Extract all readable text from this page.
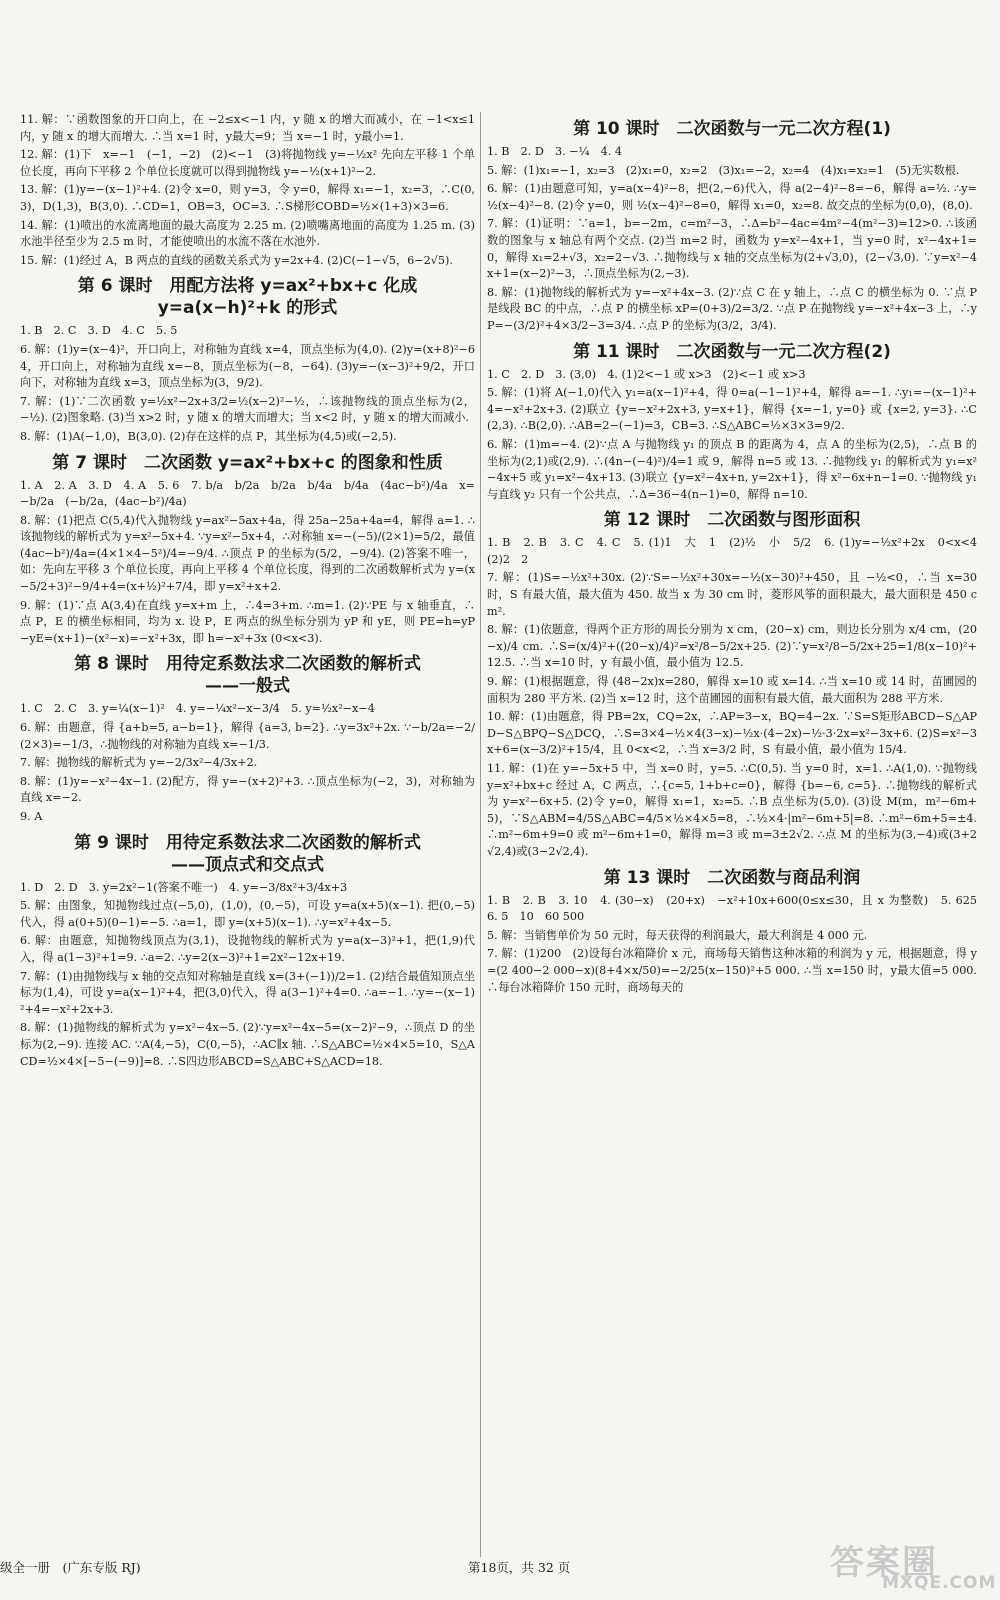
11. 解：∵函数图象的开口向上，在 −2≤x<−1 内，y 随 x 的增大而减小，在 −1<x≤1 内，y 随 x 的增大而增大. ∴当 x=1 时，y最大=9；当 x=−1 时，y最小=1.
12. 解：(1)下　x=−1　(−1，−2)　(2)<−1　(3)将抛物线 y=−½x² 先向左平移 1 个单位长度，再向下平移 2 个单位长度就可以得到抛物线 y=−½(x+1)²−2.
13. 解：(1)y=−(x−1)²+4. (2)令 x=0，则 y=3，令 y=0，解得 x₁=−1，x₂=3，∴C(0,3)，D(1,3)，B(3,0). ∴CD=1，OB=3，OC=3. ∴S梯形COBD=½×(1+3)×3=6.
14. 解：(1)喷出的水流离地面的最大高度为 2.25 m. (2)喷嘴离地面的高度为 1.25 m. (3)水池半径至少为 2.5 m 时，才能使喷出的水流不落在水池外.
15. 解：(1)经过 A，B 两点的直线的函数关系式为 y=2x+4. (2)C(−1−√5，6−2√5).
第 6 课时　用配方法将 y=ax²+bx+c 化成
y=a(x−h)²+k 的形式
1. B　2. C　3. D　4. C　5. 5
6. 解：(1)y=(x−4)²，开口向上，对称轴为直线 x=4，顶点坐标为(4,0). (2)y=(x+8)²−64，开口向上，对称轴为直线 x=−8，顶点坐标为(−8，−64). (3)y=−(x−3)²+9/2，开口向下，对称轴为直线 x=3，顶点坐标为(3，9/2).
7. 解：(1)∵二次函数 y=½x²−2x+3/2=½(x−2)²−½，∴该抛物线的顶点坐标为(2，−½). (2)图象略. (3)当 x>2 时，y 随 x 的增大而增大；当 x<2 时，y 随 x 的增大而减小.
8. 解：(1)A(−1,0)，B(3,0). (2)存在这样的点 P，其坐标为(4,5)或(−2,5).
第 7 课时　二次函数 y=ax²+bx+c 的图象和性质
1. A　2. A　3. D　4. A　5. 6　7. b/a　b/2a　b/2a　b/4a　b/4a　(4ac−b²)/4a　x=−b/2a　(−b/2a，(4ac−b²)/4a)
8. 解：(1)把点 C(5,4)代入抛物线 y=ax²−5ax+4a，得 25a−25a+4a=4，解得 a=1. ∴该抛物线的解析式为 y=x²−5x+4. ∵y=x²−5x+4，∴对称轴 x=−(−5)/(2×1)=5/2，最值 (4ac−b²)/4a=(4×1×4−5²)/4=−9/4. ∴顶点 P 的坐标为(5/2，−9/4). (2)答案不唯一，如：先向左平移 3 个单位长度，再向上平移 4 个单位长度，得到的二次函数解析式为 y=(x−5/2+3)²−9/4+4=(x+½)²+7/4，即 y=x²+x+2.
9. 解：(1)∵点 A(3,4)在直线 y=x+m 上，∴4=3+m. ∴m=1. (2)∵PE 与 x 轴垂直，∴点 P，E 的横坐标相同，均为 x. 设 P，E 两点的纵坐标分别为 yP 和 yE，则 PE=h=yP−yE=(x+1)−(x²−x)=−x²+3x，即 h=−x²+3x (0<x<3).
第 8 课时　用待定系数法求二次函数的解析式
——一般式
1. C　2. C　3. y=¼(x−1)²　4. y=−¼x²−x−3/4　5. y=½x²−x−4
6. 解：由题意，得 {a+b=5, a−b=1}，解得 {a=3, b=2}. ∴y=3x²+2x. ∵−b/2a=−2/(2×3)=−1/3，∴抛物线的对称轴为直线 x=−1/3.
7. 解：抛物线的解析式为 y=−2/3x²−4/3x+2.
8. 解：(1)y=−x²−4x−1. (2)配方，得 y=−(x+2)²+3. ∴顶点坐标为(−2，3)，对称轴为直线 x=−2.
9. A
第 9 课时　用待定系数法求二次函数的解析式
——顶点式和交点式
1. D　2. D　3. y=2x²−1(答案不唯一)　4. y=−3/8x²+3/4x+3
5. 解：由图象，知抛物线过点(−5,0)，(1,0)，(0,−5)，可设 y=a(x+5)(x−1). 把(0,−5)代入，得 a(0+5)(0−1)=−5. ∴a=1，即 y=(x+5)(x−1). ∴y=x²+4x−5.
6. 解：由题意，知抛物线顶点为(3,1)，设抛物线的解析式为 y=a(x−3)²+1，把(1,9)代入，得 a(1−3)²+1=9. ∴a=2. ∴y=2(x−3)²+1=2x²−12x+19.
7. 解：(1)由抛物线与 x 轴的交点知对称轴是直线 x=(3+(−1))/2=1. (2)结合最值知顶点坐标为(1,4)，可设 y=a(x−1)²+4，把(3,0)代入，得 a(3−1)²+4=0. ∴a=−1. ∴y=−(x−1)²+4=−x²+2x+3.
8. 解：(1)抛物线的解析式为 y=x²−4x−5. (2)∵y=x²−4x−5=(x−2)²−9，∴顶点 D 的坐标为(2,−9). 连接 AC. ∵A(4,−5)，C(0,−5)，∴AC∥x 轴. ∴S△ABC=½×4×5=10，S△ACD=½×4×[−5−(−9)]=8. ∴S四边形ABCD=S△ABC+S△ACD=18.
第 10 课时　二次函数与一元二次方程(1)
1. B　2. D　3. −¼　4. 4
5. 解：(1)x₁=−1，x₂=3　(2)x₁=0，x₂=2　(3)x₁=−2，x₂=4　(4)x₁=x₂=1　(5)无实数根.
6. 解：(1)由题意可知，y=a(x−4)²−8，把(2,−6)代入，得 a(2−4)²−8=−6，解得 a=½. ∴y=½(x−4)²−8. (2)令 y=0，则 ½(x−4)²−8=0，解得 x₁=0，x₂=8. 故交点的坐标为(0,0)，(8,0).
7. 解：(1)证明：∵a=1，b=−2m，c=m²−3，∴Δ=b²−4ac=4m²−4(m²−3)=12>0. ∴该函数的图象与 x 轴总有两个交点. (2)当 m=2 时，函数为 y=x²−4x+1，当 y=0 时，x²−4x+1=0，解得 x₁=2+√3，x₂=2−√3. ∴抛物线与 x 轴的交点坐标为(2+√3,0)，(2−√3,0). ∵y=x²−4x+1=(x−2)²−3，∴顶点坐标为(2,−3).
8. 解：(1)抛物线的解析式为 y=−x²+4x−3. (2)∵点 C 在 y 轴上，∴点 C 的横坐标为 0. ∵点 P 是线段 BC 的中点，∴点 P 的横坐标 xP=(0+3)/2=3/2. ∵点 P 在抛物线 y=−x²+4x−3 上，∴yP=−(3/2)²+4×3/2−3=3/4. ∴点 P 的坐标为(3/2，3/4).
第 11 课时　二次函数与一元二次方程(2)
1. C　2. D　3. (3,0)　4. (1)2<−1 或 x>3　(2)<−1 或 x>3
5. 解：(1)将 A(−1,0)代入 y₁=a(x−1)²+4，得 0=a(−1−1)²+4，解得 a=−1. ∴y₁=−(x−1)²+4=−x²+2x+3. (2)联立 {y=−x²+2x+3, y=x+1}，解得 {x=−1, y=0} 或 {x=2, y=3}. ∴C(2,3). ∴B(2,0). ∴AB=2−(−1)=3，CB=3. ∴S△ABC=½×3×3=9/2.
6. 解：(1)m=−4. (2)∵点 A 与抛物线 y₁ 的顶点 B 的距离为 4，点 A 的坐标为(2,5)，∴点 B 的坐标为(2,1)或(2,9). ∴(4n−(−4)²)/4=1 或 9，解得 n=5 或 13. ∴抛物线 y₁ 的解析式为 y₁=x²−4x+5 或 y₁=x²−4x+13. (3)联立 {y=x²−4x+n, y=2x+1}，得 x²−6x+n−1=0. ∵抛物线 y₁ 与直线 y₂ 只有一个公共点，∴Δ=36−4(n−1)=0，解得 n=10.
第 12 课时　二次函数与图形面积
1. B　2. B　3. C　4. C　5. (1)1　大　1　(2)½　小　5/2　6. (1)y=−½x²+2x　0<x<4　(2)2　2
7. 解：(1)S=−½x²+30x. (2)∵S=−½x²+30x=−½(x−30)²+450，且 −½<0，∴当 x=30 时，S 有最大值，最大值为 450. 故当 x 为 30 cm 时，菱形风筝的面积最大，最大面积是 450 cm².
8. 解：(1)依题意，得两个正方形的周长分别为 x cm，(20−x) cm，则边长分别为 x/4 cm，(20−x)/4 cm. ∴S=(x/4)²+((20−x)/4)²=x²/8−5/2x+25. (2)∵y=x²/8−5/2x+25=1/8(x−10)²+12.5. ∴当 x=10 时，y 有最小值，最小值为 12.5.
9. 解：(1)根据题意，得 (48−2x)x=280，解得 x=10 或 x=14. ∴当 x=10 或 14 时，苗圃园的面积为 280 平方米. (2)当 x=12 时，这个苗圃园的面积有最大值，最大面积为 288 平方米.
10. 解：(1)由题意，得 PB=2x，CQ=2x，∴AP=3−x，BQ=4−2x. ∵S=S矩形ABCD−S△APD−S△BPQ−S△DCQ，∴S=3×4−½×4(3−x)−½x·(4−2x)−½·3·2x=x²−3x+6. (2)S=x²−3x+6=(x−3/2)²+15/4，且 0<x<2，∴当 x=3/2 时，S 有最小值，最小值为 15/4.
11. 解：(1)在 y=−5x+5 中，当 x=0 时，y=5. ∴C(0,5). 当 y=0 时，x=1. ∴A(1,0). ∵抛物线 y=x²+bx+c 经过 A，C 两点，∴{c=5, 1+b+c=0}，解得 {b=−6, c=5}. ∴抛物线的解析式为 y=x²−6x+5. (2)令 y=0，解得 x₁=1，x₂=5. ∴B 点坐标为(5,0). (3)设 M(m，m²−6m+5)，∵S△ABM=4/5S△ABC=4/5×½×4×5=8，∴½×4·|m²−6m+5|=8. ∴m²−6m+5=±4. ∴m²−6m+9=0 或 m²−6m+1=0，解得 m=3 或 m=3±2√2. ∴点 M 的坐标为(3,−4)或(3+2√2,4)或(3−2√2,4).
第 13 课时　二次函数与商品利润
1. B　2. B　3. 10　4. (30−x)　(20+x)　−x²+10x+600(0≤x≤30，且 x 为整数)　5. 625　6. 5　10　60 500
5. 解：当销售单价为 50 元时，每天获得的利润最大，最大利润是 4 000 元.
7. 解：(1)200　(2)设每台冰箱降价 x 元，商场每天销售这种冰箱的利润为 y 元，根据题意，得 y=(2 400−2 000−x)(8+4×x/50)=−2/25(x−150)²+5 000. ∴当 x=150 时，y最大值=5 000. ∴每台冰箱降价 150 元时，商场每天的
级全一册　(广东专版 RJ)	第18页，共 32 页	答案圈
MXQE.COM
